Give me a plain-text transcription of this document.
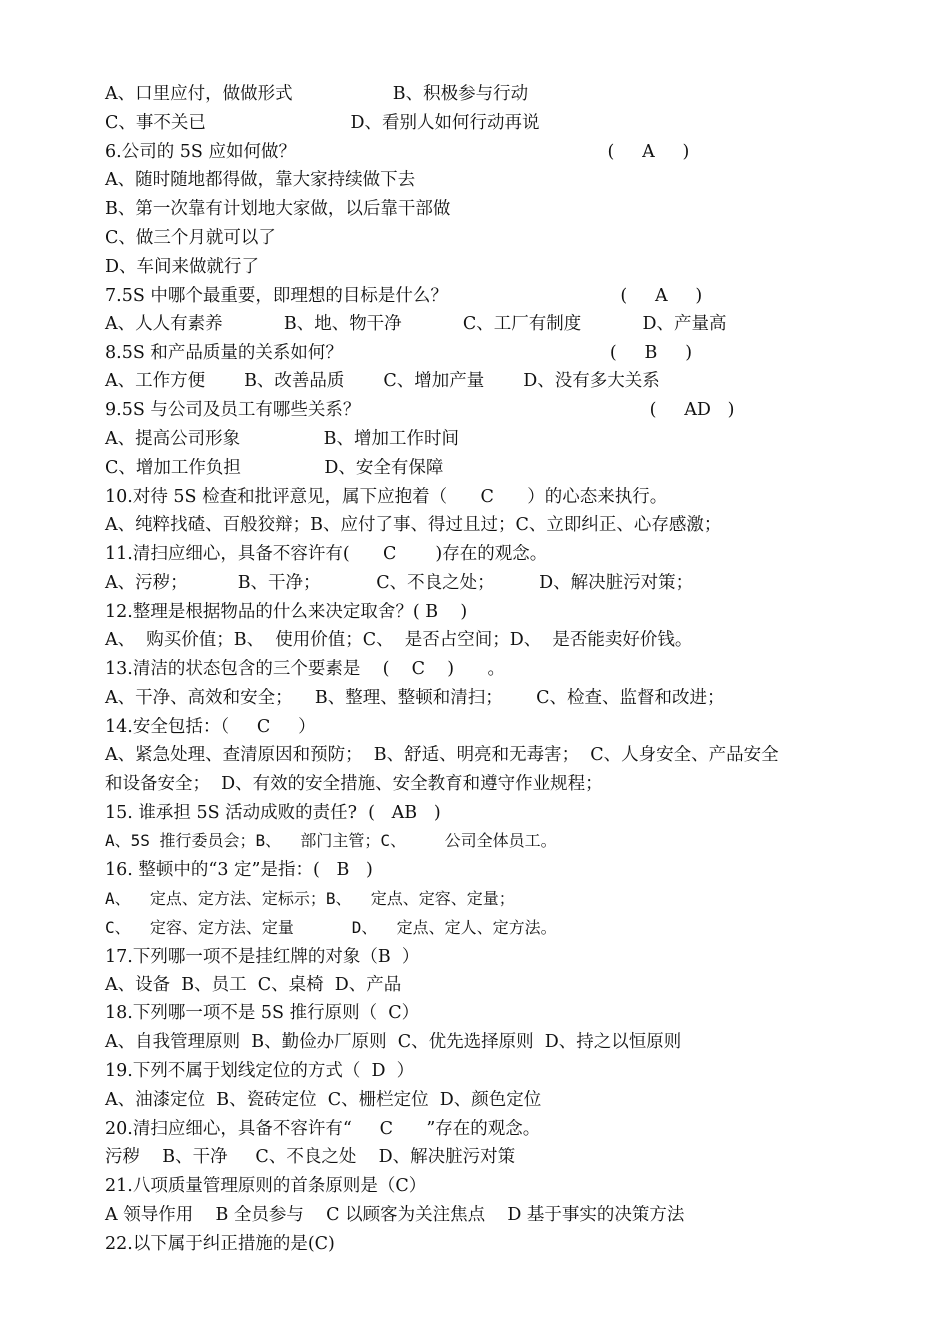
A、口里应付，做做形式                  B、积极参与行动
C、事不关已                          D、看别人如何行动再说
6.公司的 5S 应如何做？                                                        (     A     )
A、随时随地都得做，靠大家持续做下去
B、第一次靠有计划地大家做，以后靠干部做
C、做三个月就可以了
D、车间来做就行了
7.5S 中哪个最重要，即理想的目标是什么？                               (     A     )
A、人人有素养           B、地、物干净           C、工厂有制度           D、产量高
8.5S 和产品质量的关系如何？                                                (     B     )
A、工作方便       B、改善品质       C、增加产量       D、没有多大关系
9.5S 与公司及员工有哪些关系？                                                    (     AD   )
A、提高公司形象               B、增加工作时间
C、增加工作负担               D、安全有保障
10.对待 5S 检查和批评意见，属下应抱着（      C      ）的心态来执行。
A、纯粹找碴、百般狡辩；B、应付了事、得过且过；C、立即纠正、心存感激；
11.清扫应细心，具备不容许有(      C       )存在的观念。
A、污秽；         B、干净；          C、不良之处；        D、解决脏污对策；
12.整理是根据物品的什么来决定取舍？( B    )
A、  购买价值；B、  使用价值；C、  是否占空间；D、  是否能卖好价钱。
13.清洁的状态包含的三个要素是    (    C    )      。
A、干净、高效和安全；    B、整理、整顿和清扫；      C、检查、监督和改进；
14.安全包括：（     C     ）
A、紧急处理、查清原因和预防；  B、舒适、明亮和无毒害；  C、人身安全、产品安全
和设备安全；  D、有效的安全措施、安全教育和遵守作业规程；
15. 谁承担 5S 活动成败的责任?  (   AB   )
A、5S 推行委员会；B、  部门主管；C、    公司全体员工。
16. 整顿中的“3 定”是指：(   B   )
A、  定点、定方法、定标示；B、  定点、定容、定量；
C、  定容、定方法、定量      D、  定点、定人、定方法。
17.下列哪一项不是挂红牌的对象（B  ）
A、设备  B、员工  C、桌椅  D、产品
18.下列哪一项不是 5S 推行原则（  C）
A、自我管理原则  B、勤俭办厂原则  C、优先选择原则  D、持之以恒原则
19.下列不属于划线定位的方式（  D  ）
A、油漆定位  B、瓷砖定位  C、栅栏定位  D、颜色定位
20.清扫应细心，具备不容许有“     C      ”存在的观念。
污秽    B、干净     C、不良之处    D、解决脏污对策
21.八项质量管理原则的首条原则是（C）
A 领导作用    B 全员参与    C 以顾客为关注焦点    D 基于事实的决策方法
22.以下属于纠正措施的是(C)
